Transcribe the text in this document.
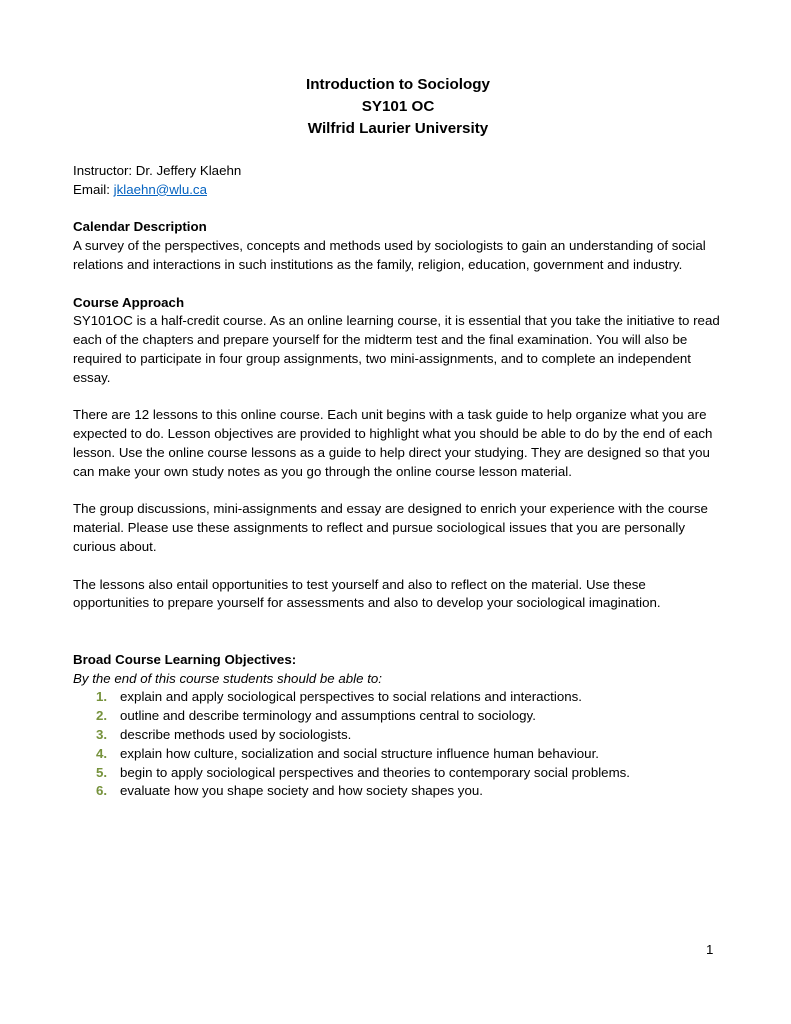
Introduction to Sociology
SY101 OC
Wilfrid Laurier University
Instructor: Dr. Jeffery Klaehn
Email: jklaehn@wlu.ca
Calendar Description
A survey of the perspectives, concepts and methods used by sociologists to gain an understanding of social relations and interactions in such institutions as the family, religion, education, government and industry.
Course Approach
SY101OC is a half-credit course. As an online learning course, it is essential that you take the initiative to read each of the chapters and prepare yourself for the midterm test and the final examination. You will also be required to participate in four group assignments, two mini-assignments, and to complete an independent essay.
There are 12 lessons to this online course. Each unit begins with a task guide to help organize what you are expected to do. Lesson objectives are provided to highlight what you should be able to do by the end of each lesson. Use the online course lessons as a guide to help direct your studying. They are designed so that you can make your own study notes as you go through the online course lesson material.
The group discussions, mini-assignments and essay are designed to enrich your experience with the course material. Please use these assignments to reflect and pursue sociological issues that you are personally curious about.
The lessons also entail opportunities to test yourself and also to reflect on the material. Use these opportunities to prepare yourself for assessments and also to develop your sociological imagination.
Broad Course Learning Objectives:
By the end of this course students should be able to:
1. explain and apply sociological perspectives to social relations and interactions.
2. outline and describe terminology and assumptions central to sociology.
3. describe methods used by sociologists.
4. explain how culture, socialization and social structure influence human behaviour.
5. begin to apply sociological perspectives and theories to contemporary social problems.
6. evaluate how you shape society and how society shapes you.
1
